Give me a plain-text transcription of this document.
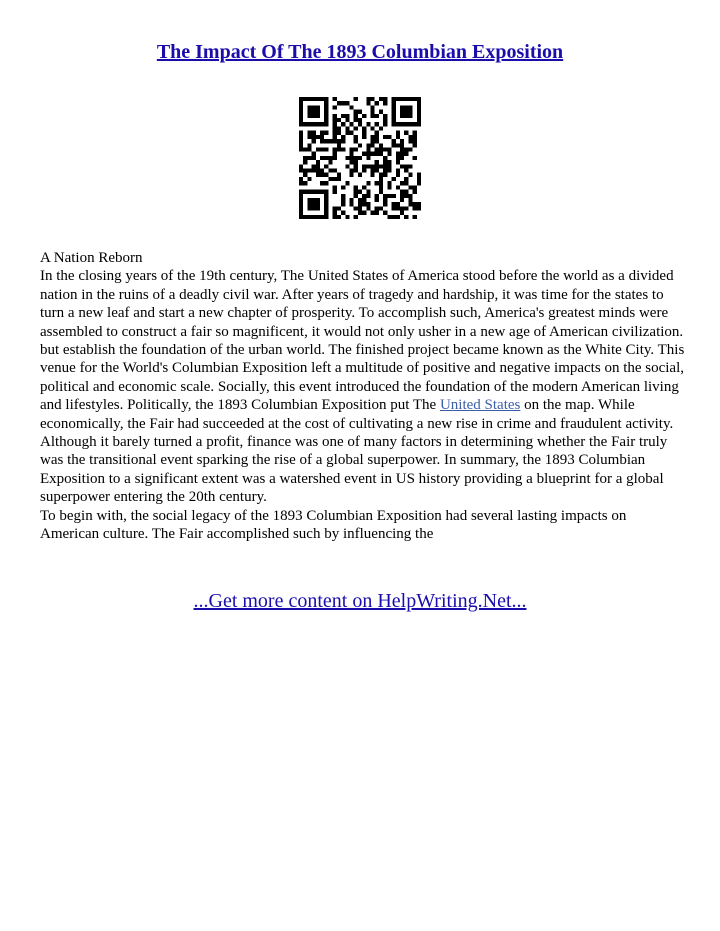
The Impact Of The 1893 Columbian Exposition

A Nation Reborn

In the closing years of the 19th century, The United States of America stood before the world as a divided nation in the ruins of a deadly civil war. After years of tragedy and hardship, it was time for the states to turn a new leaf and start a new chapter of prosperity. To accomplish such, America's greatest minds were assembled to construct a fair so magnificent, it would not only usher in a new age of American civilization. but establish the foundation of the urban world. The finished project became known as the White City. This venue for the World's Columbian Exposition left a multitude of positive and negative impacts on the social, political and economic scale. Socially, this event introduced the foundation of the modern American living and lifestyles. Politically, the 1893 Columbian Exposition put The United States on the map. While economically, the Fair had succeeded at the cost of cultivating a new rise in crime and fraudulent activity. Although it barely turned a profit, finance was one of many factors in determining whether the Fair truly was the transitional event sparking the rise of a global superpower. In summary, the 1893 Columbian Exposition to a significant extent was a watershed event in US history providing a blueprint for a global superpower entering the 20th century.

To begin with, the social legacy of the 1893 Columbian Exposition had several lasting impacts on American culture. The Fair accomplished such by influencing the

...Get more content on HelpWriting.Net...
